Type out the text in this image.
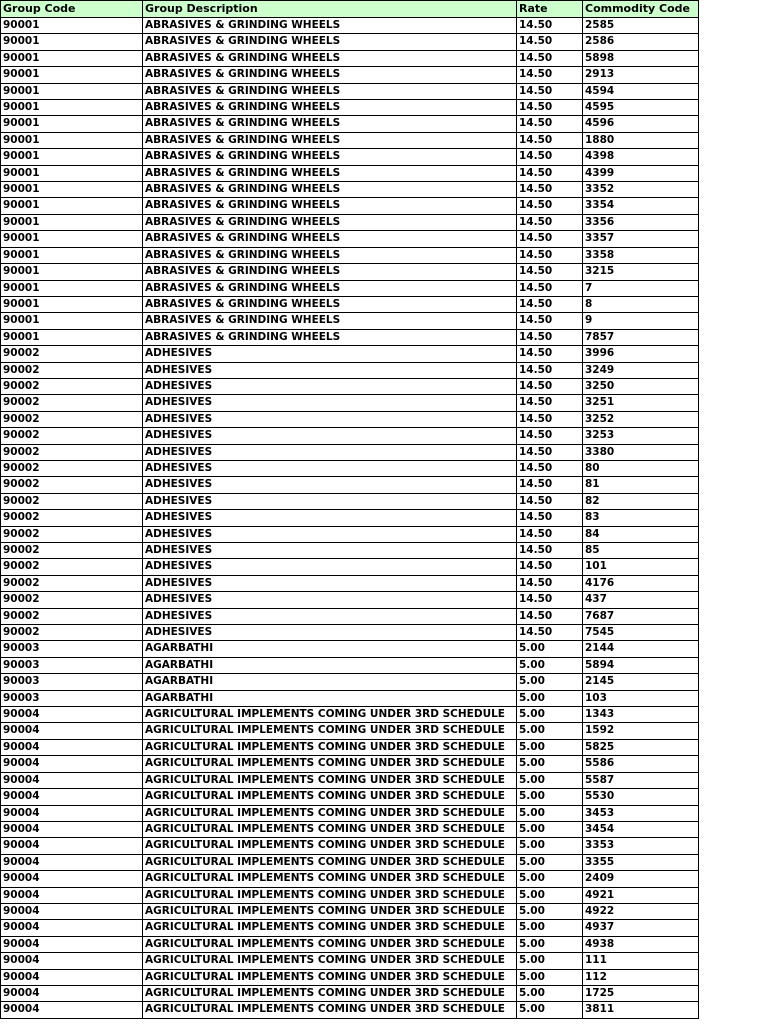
Group Code	Group Description	Rate	Commodity Code
90001	ABRASIVES & GRINDING WHEELS	14.50	2585
90001	ABRASIVES & GRINDING WHEELS	14.50	2586
90001	ABRASIVES & GRINDING WHEELS	14.50	5898
90001	ABRASIVES & GRINDING WHEELS	14.50	2913
90001	ABRASIVES & GRINDING WHEELS	14.50	4594
90001	ABRASIVES & GRINDING WHEELS	14.50	4595
90001	ABRASIVES & GRINDING WHEELS	14.50	4596
90001	ABRASIVES & GRINDING WHEELS	14.50	1880
90001	ABRASIVES & GRINDING WHEELS	14.50	4398
90001	ABRASIVES & GRINDING WHEELS	14.50	4399
90001	ABRASIVES & GRINDING WHEELS	14.50	3352
90001	ABRASIVES & GRINDING WHEELS	14.50	3354
90001	ABRASIVES & GRINDING WHEELS	14.50	3356
90001	ABRASIVES & GRINDING WHEELS	14.50	3357
90001	ABRASIVES & GRINDING WHEELS	14.50	3358
90001	ABRASIVES & GRINDING WHEELS	14.50	3215
90001	ABRASIVES & GRINDING WHEELS	14.50	7
90001	ABRASIVES & GRINDING WHEELS	14.50	8
90001	ABRASIVES & GRINDING WHEELS	14.50	9
90001	ABRASIVES & GRINDING WHEELS	14.50	7857
90002	ADHESIVES	14.50	3996
90002	ADHESIVES	14.50	3249
90002	ADHESIVES	14.50	3250
90002	ADHESIVES	14.50	3251
90002	ADHESIVES	14.50	3252
90002	ADHESIVES	14.50	3253
90002	ADHESIVES	14.50	3380
90002	ADHESIVES	14.50	80
90002	ADHESIVES	14.50	81
90002	ADHESIVES	14.50	82
90002	ADHESIVES	14.50	83
90002	ADHESIVES	14.50	84
90002	ADHESIVES	14.50	85
90002	ADHESIVES	14.50	101
90002	ADHESIVES	14.50	4176
90002	ADHESIVES	14.50	437
90002	ADHESIVES	14.50	7687
90002	ADHESIVES	14.50	7545
90003	AGARBATHI	5.00	2144
90003	AGARBATHI	5.00	5894
90003	AGARBATHI	5.00	2145
90003	AGARBATHI	5.00	103
90004	AGRICULTURAL IMPLEMENTS COMING UNDER 3RD SCHEDULE	5.00	1343
90004	AGRICULTURAL IMPLEMENTS COMING UNDER 3RD SCHEDULE	5.00	1592
90004	AGRICULTURAL IMPLEMENTS COMING UNDER 3RD SCHEDULE	5.00	5825
90004	AGRICULTURAL IMPLEMENTS COMING UNDER 3RD SCHEDULE	5.00	5586
90004	AGRICULTURAL IMPLEMENTS COMING UNDER 3RD SCHEDULE	5.00	5587
90004	AGRICULTURAL IMPLEMENTS COMING UNDER 3RD SCHEDULE	5.00	5530
90004	AGRICULTURAL IMPLEMENTS COMING UNDER 3RD SCHEDULE	5.00	3453
90004	AGRICULTURAL IMPLEMENTS COMING UNDER 3RD SCHEDULE	5.00	3454
90004	AGRICULTURAL IMPLEMENTS COMING UNDER 3RD SCHEDULE	5.00	3353
90004	AGRICULTURAL IMPLEMENTS COMING UNDER 3RD SCHEDULE	5.00	3355
90004	AGRICULTURAL IMPLEMENTS COMING UNDER 3RD SCHEDULE	5.00	2409
90004	AGRICULTURAL IMPLEMENTS COMING UNDER 3RD SCHEDULE	5.00	4921
90004	AGRICULTURAL IMPLEMENTS COMING UNDER 3RD SCHEDULE	5.00	4922
90004	AGRICULTURAL IMPLEMENTS COMING UNDER 3RD SCHEDULE	5.00	4937
90004	AGRICULTURAL IMPLEMENTS COMING UNDER 3RD SCHEDULE	5.00	4938
90004	AGRICULTURAL IMPLEMENTS COMING UNDER 3RD SCHEDULE	5.00	111
90004	AGRICULTURAL IMPLEMENTS COMING UNDER 3RD SCHEDULE	5.00	112
90004	AGRICULTURAL IMPLEMENTS COMING UNDER 3RD SCHEDULE	5.00	1725
90004	AGRICULTURAL IMPLEMENTS COMING UNDER 3RD SCHEDULE	5.00	3811
